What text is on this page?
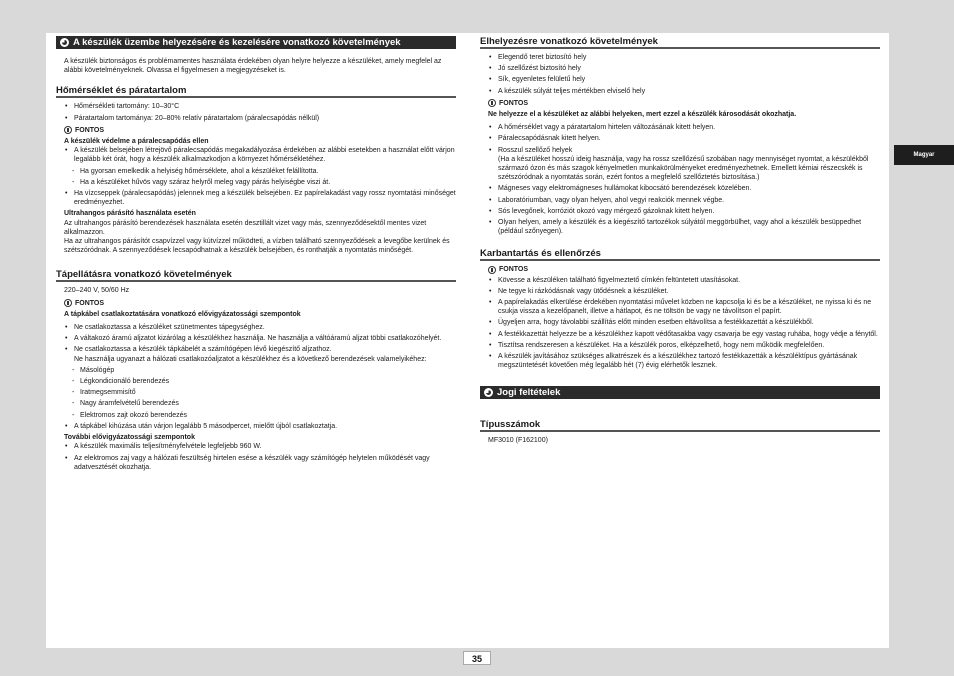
A készülék üzembe helyezésére és kezelésére vonatkozó követelmények

A készülék biztonságos és problémamentes használata érdekében olyan helyre helyezze a készüléket, amely megfelel az alábbi követelményeknek. Olvassa el figyelmesen a megjegyzéseket is.

Hőmérséklet és páratartalom
• Hőmérsékleti tartomány: 10–30°C
• Páratartalom tartománya: 20–80% relatív páratartalom (páralecsapódás nélkül)
FONTOS
A készülék védelme a páralecsapódás ellen
• A készülék belsejében létrejövő páralecsapódás megakadályozása érdekében az alábbi esetekben a használat előtt várjon legalább két órát, hogy a készülék alkalmazkodjon a környezet hőmérsékletéhez.
- Ha gyorsan emelkedik a helyiség hőmérséklete, ahol a készüléket felállította.
- Ha a készüléket hűvös vagy száraz helyről meleg vagy párás helyiségbe viszi át.
• Ha vízcseppek (páralecsapódás) jelennek meg a készülék belsejében. Ez papírelakadást vagy rossz nyomtatási minőséget eredményezhet.
Ultrahangos párásító használata esetén

Az ultrahangos párásító berendezések használata esetén desztillált vizet vagy más, szennyeződésektől mentes vizet alkalmazzon.

Ha az ultrahangos párásítót csapvízzel vagy kútvízzel működteti, a vízben található szennyeződések a levegőbe kerülnek és szétszóródnak. A szennyeződések lecsapódhatnak a készülék belsejében, és ronthatják a nyomtatás minőségét.

Tápellátásra vonatkozó követelmények

220–240 V, 50/60 Hz

FONTOS
A tápkábel csatlakoztatására vonatkozó elővigyázatossági szempontok
• Ne csatlakoztassa a készüléket szünetmentes tápegységhez.
• A váltakozó áramú aljzatot kizárólag a készülékhez használja. Ne használja a váltóáramú aljzat többi csatlakozóhelyét.
• Ne csatlakoztassa a készülék tápkábelét a számítógépen lévő kiegészítő aljzathoz.
Ne használja ugyanazt a hálózati csatlakozóaljzatot a készülékhez és a következő berendezések valamelyikéhez:
- Másológép
- Légkondicionáló berendezés
- Iratmegsemmisítő
- Nagy áramfelvételű berendezés
- Elektromos zajt okozó berendezés
• A tápkábel kihúzása után várjon legalább 5 másodpercet, mielőtt újból csatlakoztatja.
További elővigyázatossági szempontok
• A készülék maximális teljesítményfelvétele legfeljebb 960 W.
• Az elektromos zaj vagy a hálózati feszültség hirtelen esése a készülék vagy számítógép helytelen működését vagy adatvesztését okozhatja.
Elhelyezésre vonatkozó követelmények
• Elegendő teret biztosító hely
• Jó szellőzést biztosító hely
• Sík, egyenletes felületű hely
• A készülék súlyát teljes mértékben elviselő hely
FONTOS
Ne helyezze el a készüléket az alábbi helyeken, mert ezzel a készülék károsodását okozhatja.
• A hőmérséklet vagy a páratartalom hirtelen változásának kitett helyen.
• Páralecsapódásnak kitett helyen.
• Rosszul szellőző helyek
(Ha a készüléket hosszú ideig használja, vagy ha rossz szellőzésű szobában nagy mennyiséget nyomtat, a készülékből származó ózon és más szagok kényelmetlen munkakörülményeket eredményezhetnek. Emellett kémiai részecskék is szétszóródnak a nyomtatás során, ezért fontos a megfelelő szellőztetés biztosítása.)
• Mágneses vagy elektromágneses hullámokat kibocsátó berendezések közelében.
• Laboratóriumban, vagy olyan helyen, ahol vegyi reakciók mennek végbe.
• Sós levegőnek, korróziót okozó vagy mérgező gázoknak kitett helyen.
• Olyan helyen, amely a készülék és a kiegészítő tartozékok súlyától meggörbülhet, vagy ahol a készülék besüppedhet (például szőnyegen).
Karbantartás és ellenőrzés
FONTOS
• Kövesse a készüléken található figyelmeztető címkén feltüntetett utasításokat.
• Ne tegye ki rázkódásnak vagy ütődésnek a készüléket.
• A papírelakadás elkerülése érdekében nyomtatási művelet közben ne kapcsolja ki és be a készüléket, ne nyissa ki és ne csukja vissza a kezelőpanelt, illetve a hátlapot, és ne töltsön be vagy ne távolítson el papírt.
• Ügyeljen arra, hogy távolabbi szállítás előtt minden esetben eltávolítsa a festékkazettát a készülékből.
• A festékkazettát helyezze be a készülékhez kapott védőtasakba vagy csavarja be egy vastag ruhába, hogy védje a fénytől.
• Tisztítsa rendszeresen a készüléket. Ha a készülék poros, elképzelhető, hogy nem működik megfelelően.
• A készülék javításához szükséges alkatrészek és a készülékhez tartozó festékkazetták a készüléktípus gyártásának megszüntetését követően még legalább hét (7) évig elérhetők lesznek.
Jogi feltételek
Típusszámok

MF3010 (F162100)

Magyar
35
